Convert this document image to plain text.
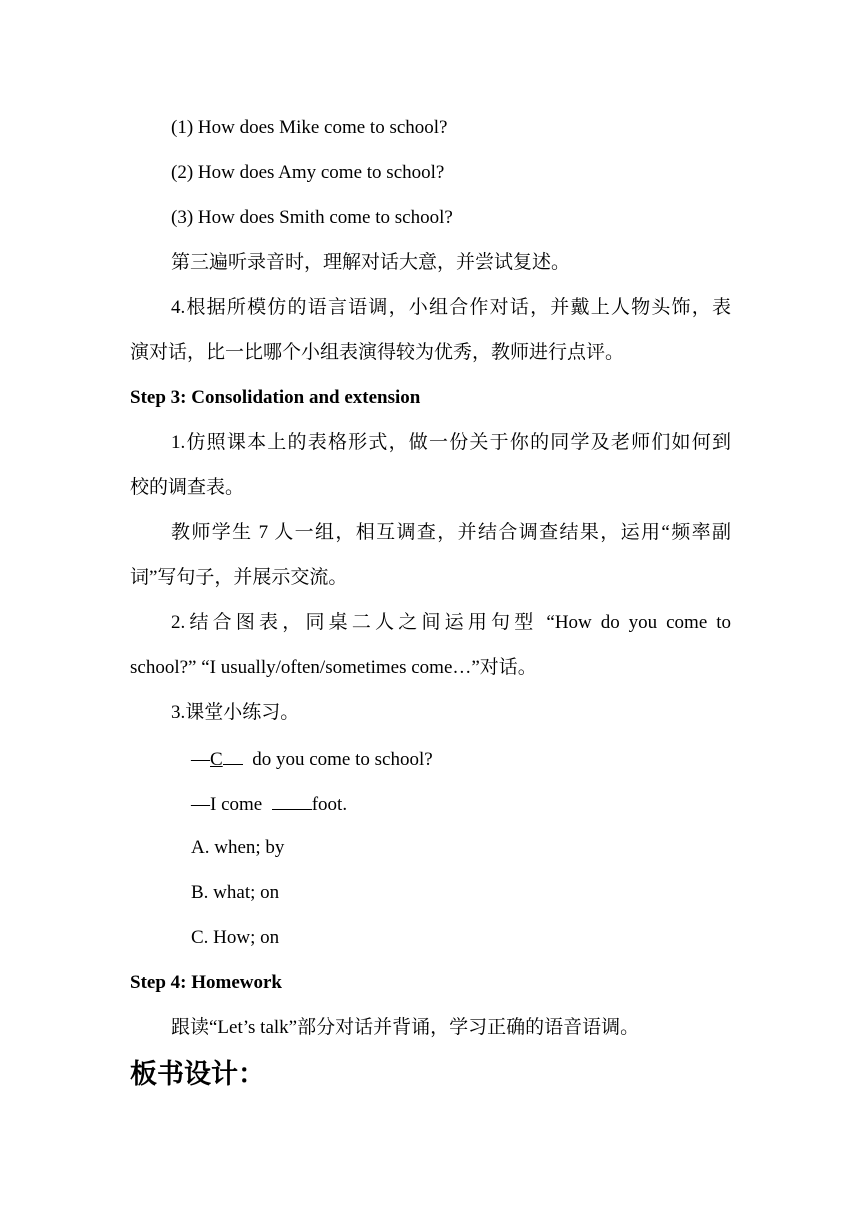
(1) How does Mike come to school?
(2) How does Amy come to school?
(3) How does Smith come to school?
第三遍听录音时，理解对话大意，并尝试复述。
4.根据所模仿的语言语调，小组合作对话，并戴上人物头饰，表
演对话，比一比哪个小组表演得较为优秀，教师进行点评。
Step 3: Consolidation and extension
1.仿照课本上的表格形式，做一份关于你的同学及老师们如何到
校的调查表。
教师学生 7 人一组，相互调查，并结合调查结果，运用“频率副
词”写句子，并展示交流。
2.结合图表，同桌二人之间运用句型 “How do you come to
school?” “I usually/often/sometimes come…”对话。
3.课堂小练习。
—C do you come to school?
—I come	foot.
A. when; by
B. what; on
C. How; on
Step 4: Homework
跟读“Let’s talk”部分对话并背诵，学习正确的语音语调。
板书设计：
